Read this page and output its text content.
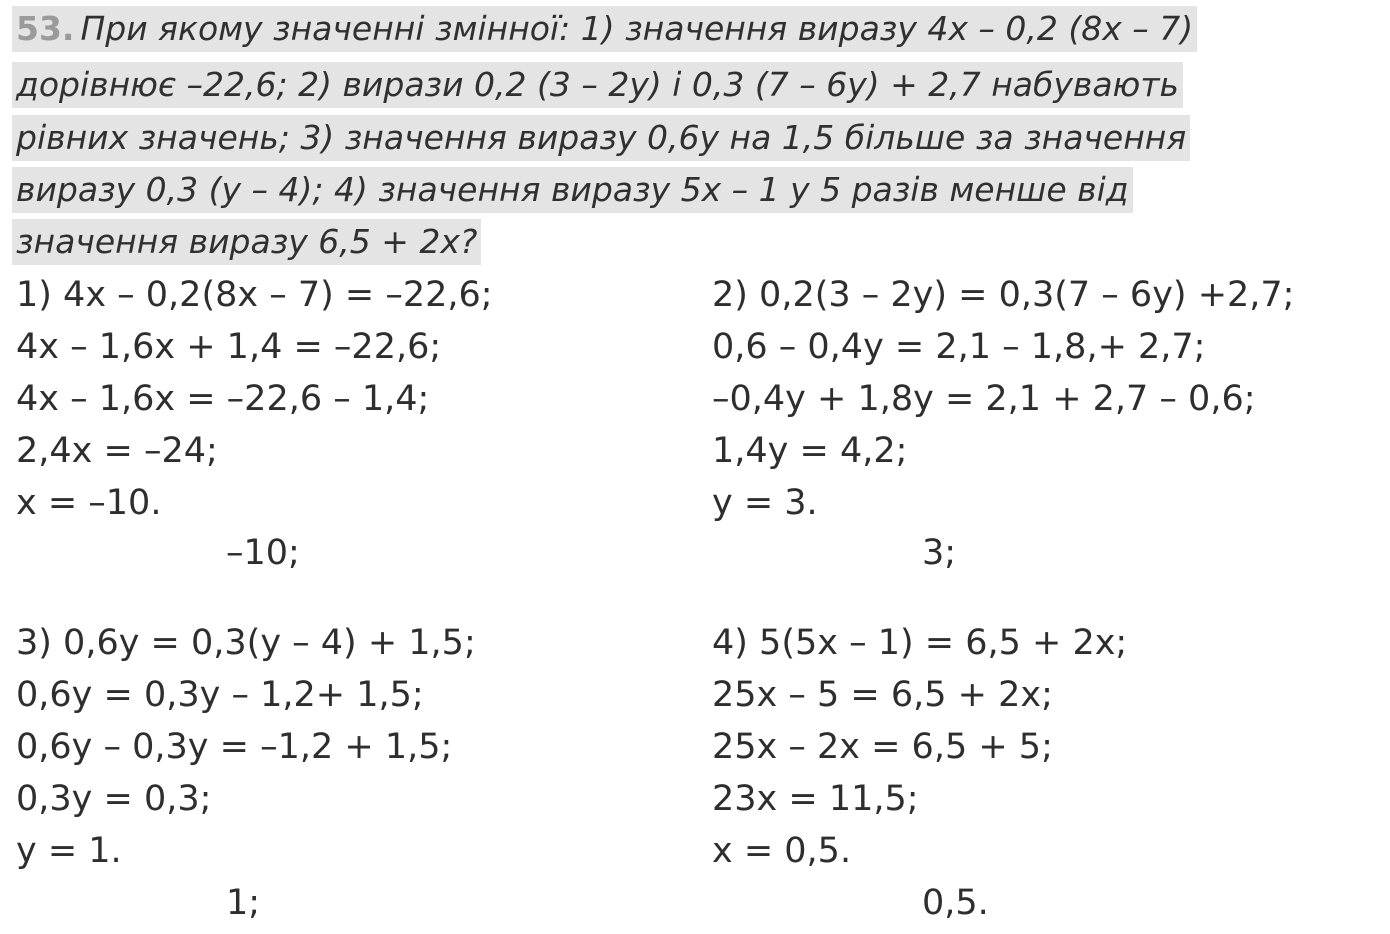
53. При якому значенні змінної: 1) значення виразу 4х – 0,2 (8х – 7)
дорівнює –22,6; 2) вирази 0,2 (3 – 2у) і 0,3 (7 – 6у) + 2,7 набувають
рівних значень; 3) значення виразу 0,6у на 1,5 більше за значення
виразу 0,3 (у – 4); 4) значення виразу 5х – 1 у 5 разів менше від
значення виразу 6,5 + 2х?
1) 4x – 0,2(8x – 7) = –22,6;
4x – 1,6x + 1,4 = –22,6;
4x – 1,6x = –22,6 – 1,4;
2,4x = –24;
x = –10.
–10;
2) 0,2(3 – 2y) = 0,3(7 – 6y) +2,7;
0,6 – 0,4y = 2,1 – 1,8,+ 2,7;
–0,4y + 1,8y = 2,1 + 2,7 – 0,6;
1,4y = 4,2;
y = 3.
3;
3) 0,6y = 0,3(y – 4) + 1,5;
0,6y = 0,3y – 1,2+ 1,5;
0,6y – 0,3y = –1,2 + 1,5;
0,3y = 0,3;
y = 1.
1;
4) 5(5x – 1) = 6,5 + 2x;
25x – 5 = 6,5 + 2x;
25x – 2x = 6,5 + 5;
23x = 11,5;
x = 0,5.
0,5.
